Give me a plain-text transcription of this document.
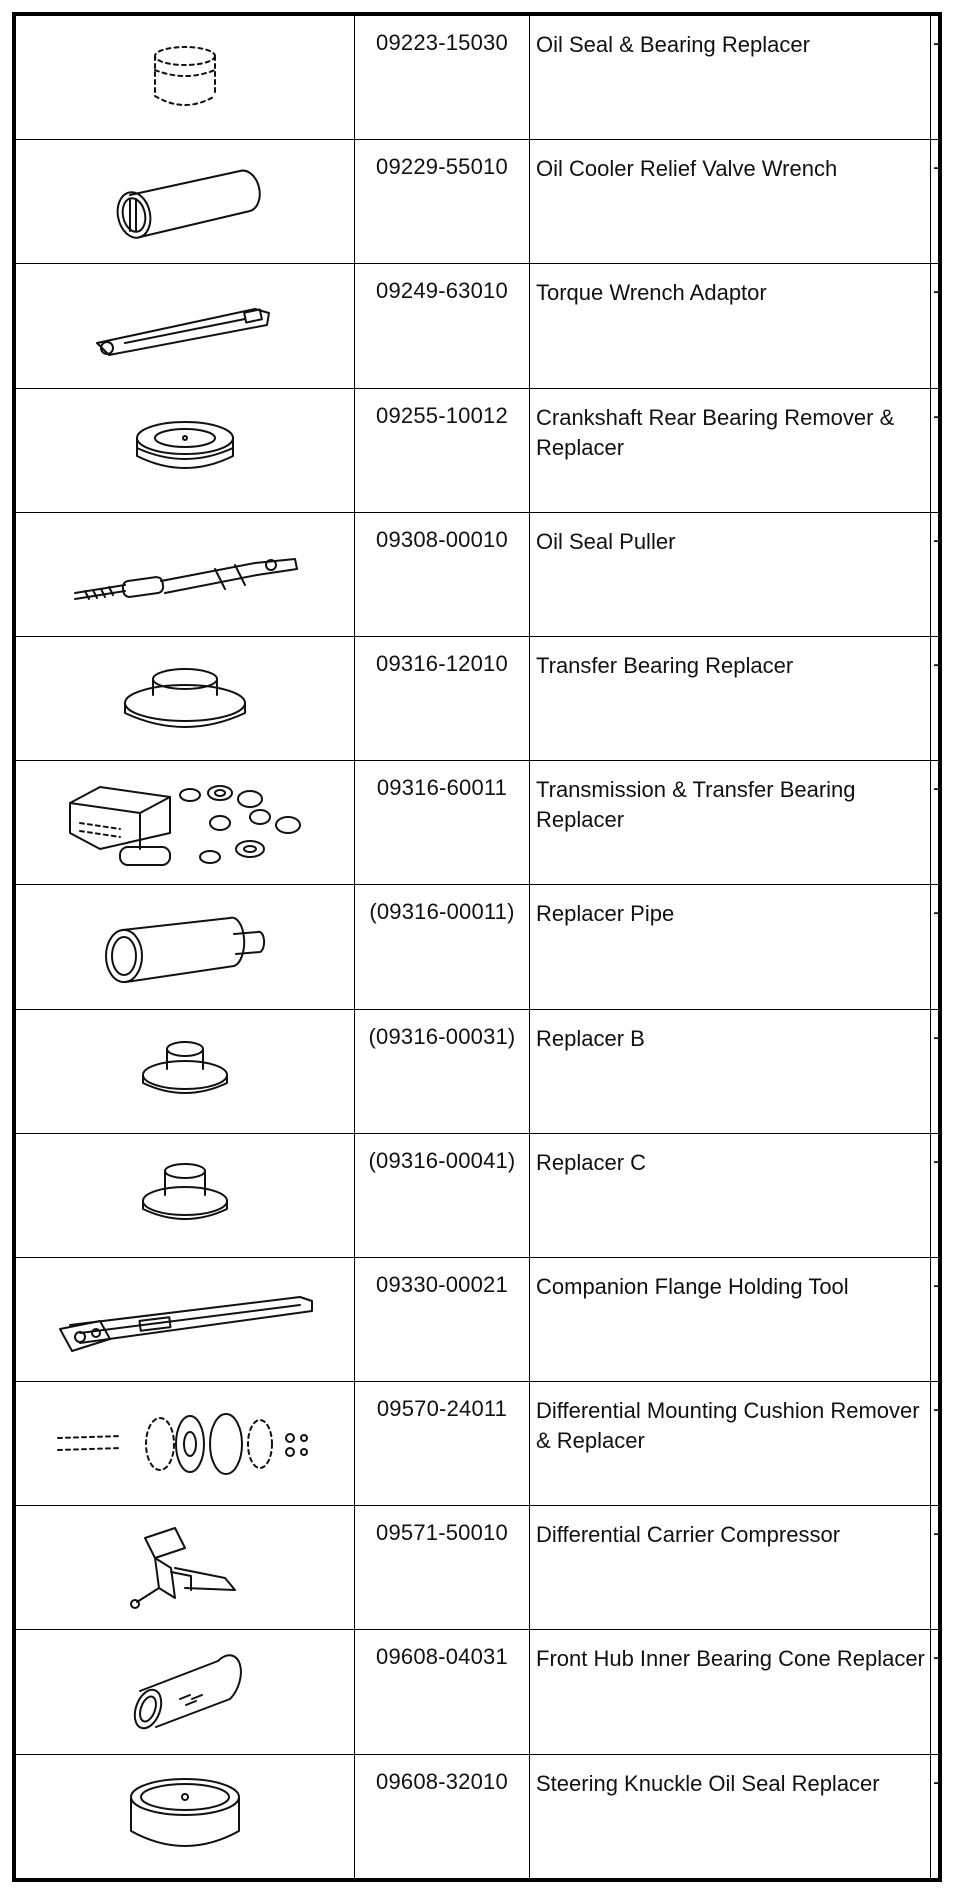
	09223-15030	Oil Seal & Bearing Replacer	-

	09229-55010	Oil Cooler Relief Valve Wrench	-

	09249-63010	Torque Wrench Adaptor	-

	09255-10012	Crankshaft Rear Bearing Remover & Replacer	-

	09308-00010	Oil Seal Puller	-

	09316-12010	Transfer Bearing Replacer	-

	09316-60011	Transmission & Transfer Bearing Replacer	-

	(09316-00011)	Replacer Pipe	-

	(09316-00031)	Replacer B	-

	(09316-00041)	Replacer C	-

	09330-00021	Companion Flange Holding Tool	-

	09570-24011	Differential Mounting Cushion Remover & Replacer	-

	09571-50010	Differential Carrier Compressor	-

	09608-04031	Front Hub Inner Bearing Cone Replacer	-

	09608-32010	Steering Knuckle Oil Seal Replacer	-
